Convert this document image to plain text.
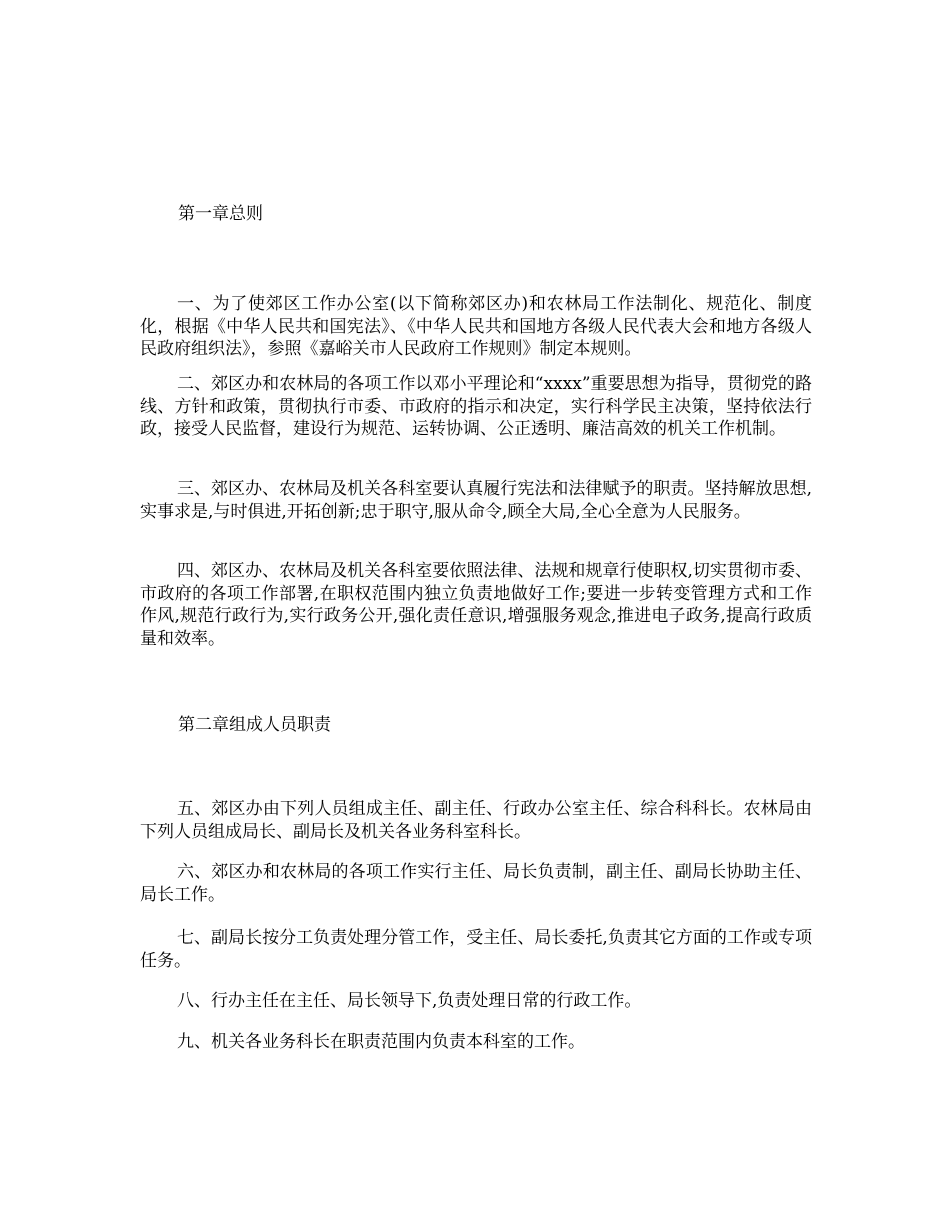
第一章总则

一、为了使郊区工作办公室(以下简称郊区办)和农林局工作法制化、规范化、制度化，根据《中华人民共和国宪法》、《中华人民共和国地方各级人民代表大会和地方各级人民政府组织法》，参照《嘉峪关市人民政府工作规则》制定本规则。

二、郊区办和农林局的各项工作以邓小平理论和“xxxx”重要思想为指导，贯彻党的路线、方针和政策，贯彻执行市委、市政府的指示和决定，实行科学民主决策，坚持依法行政，接受人民监督，建设行为规范、运转协调、公正透明、廉洁高效的机关工作机制。

三、郊区办、农林局及机关各科室要认真履行宪法和法律赋予的职责。坚持解放思想,实事求是,与时俱进,开拓创新;忠于职守,服从命令,顾全大局,全心全意为人民服务。

四、郊区办、农林局及机关各科室要依照法律、法规和规章行使职权,切实贯彻市委、市政府的各项工作部署,在职权范围内独立负责地做好工作;要进一步转变管理方式和工作作风,规范行政行为,实行政务公开,强化责任意识,增强服务观念,推进电子政务,提高行政质量和效率。

第二章组成人员职责

五、郊区办由下列人员组成主任、副主任、行政办公室主任、综合科科长。农林局由下列人员组成局长、副局长及机关各业务科室科长。

六、郊区办和农林局的各项工作实行主任、局长负责制，副主任、副局长协助主任、局长工作。

七、副局长按分工负责处理分管工作，受主任、局长委托,负责其它方面的工作或专项任务。

八、行办主任在主任、局长领导下,负责处理日常的行政工作。

九、机关各业务科长在职责范围内负责本科室的工作。
